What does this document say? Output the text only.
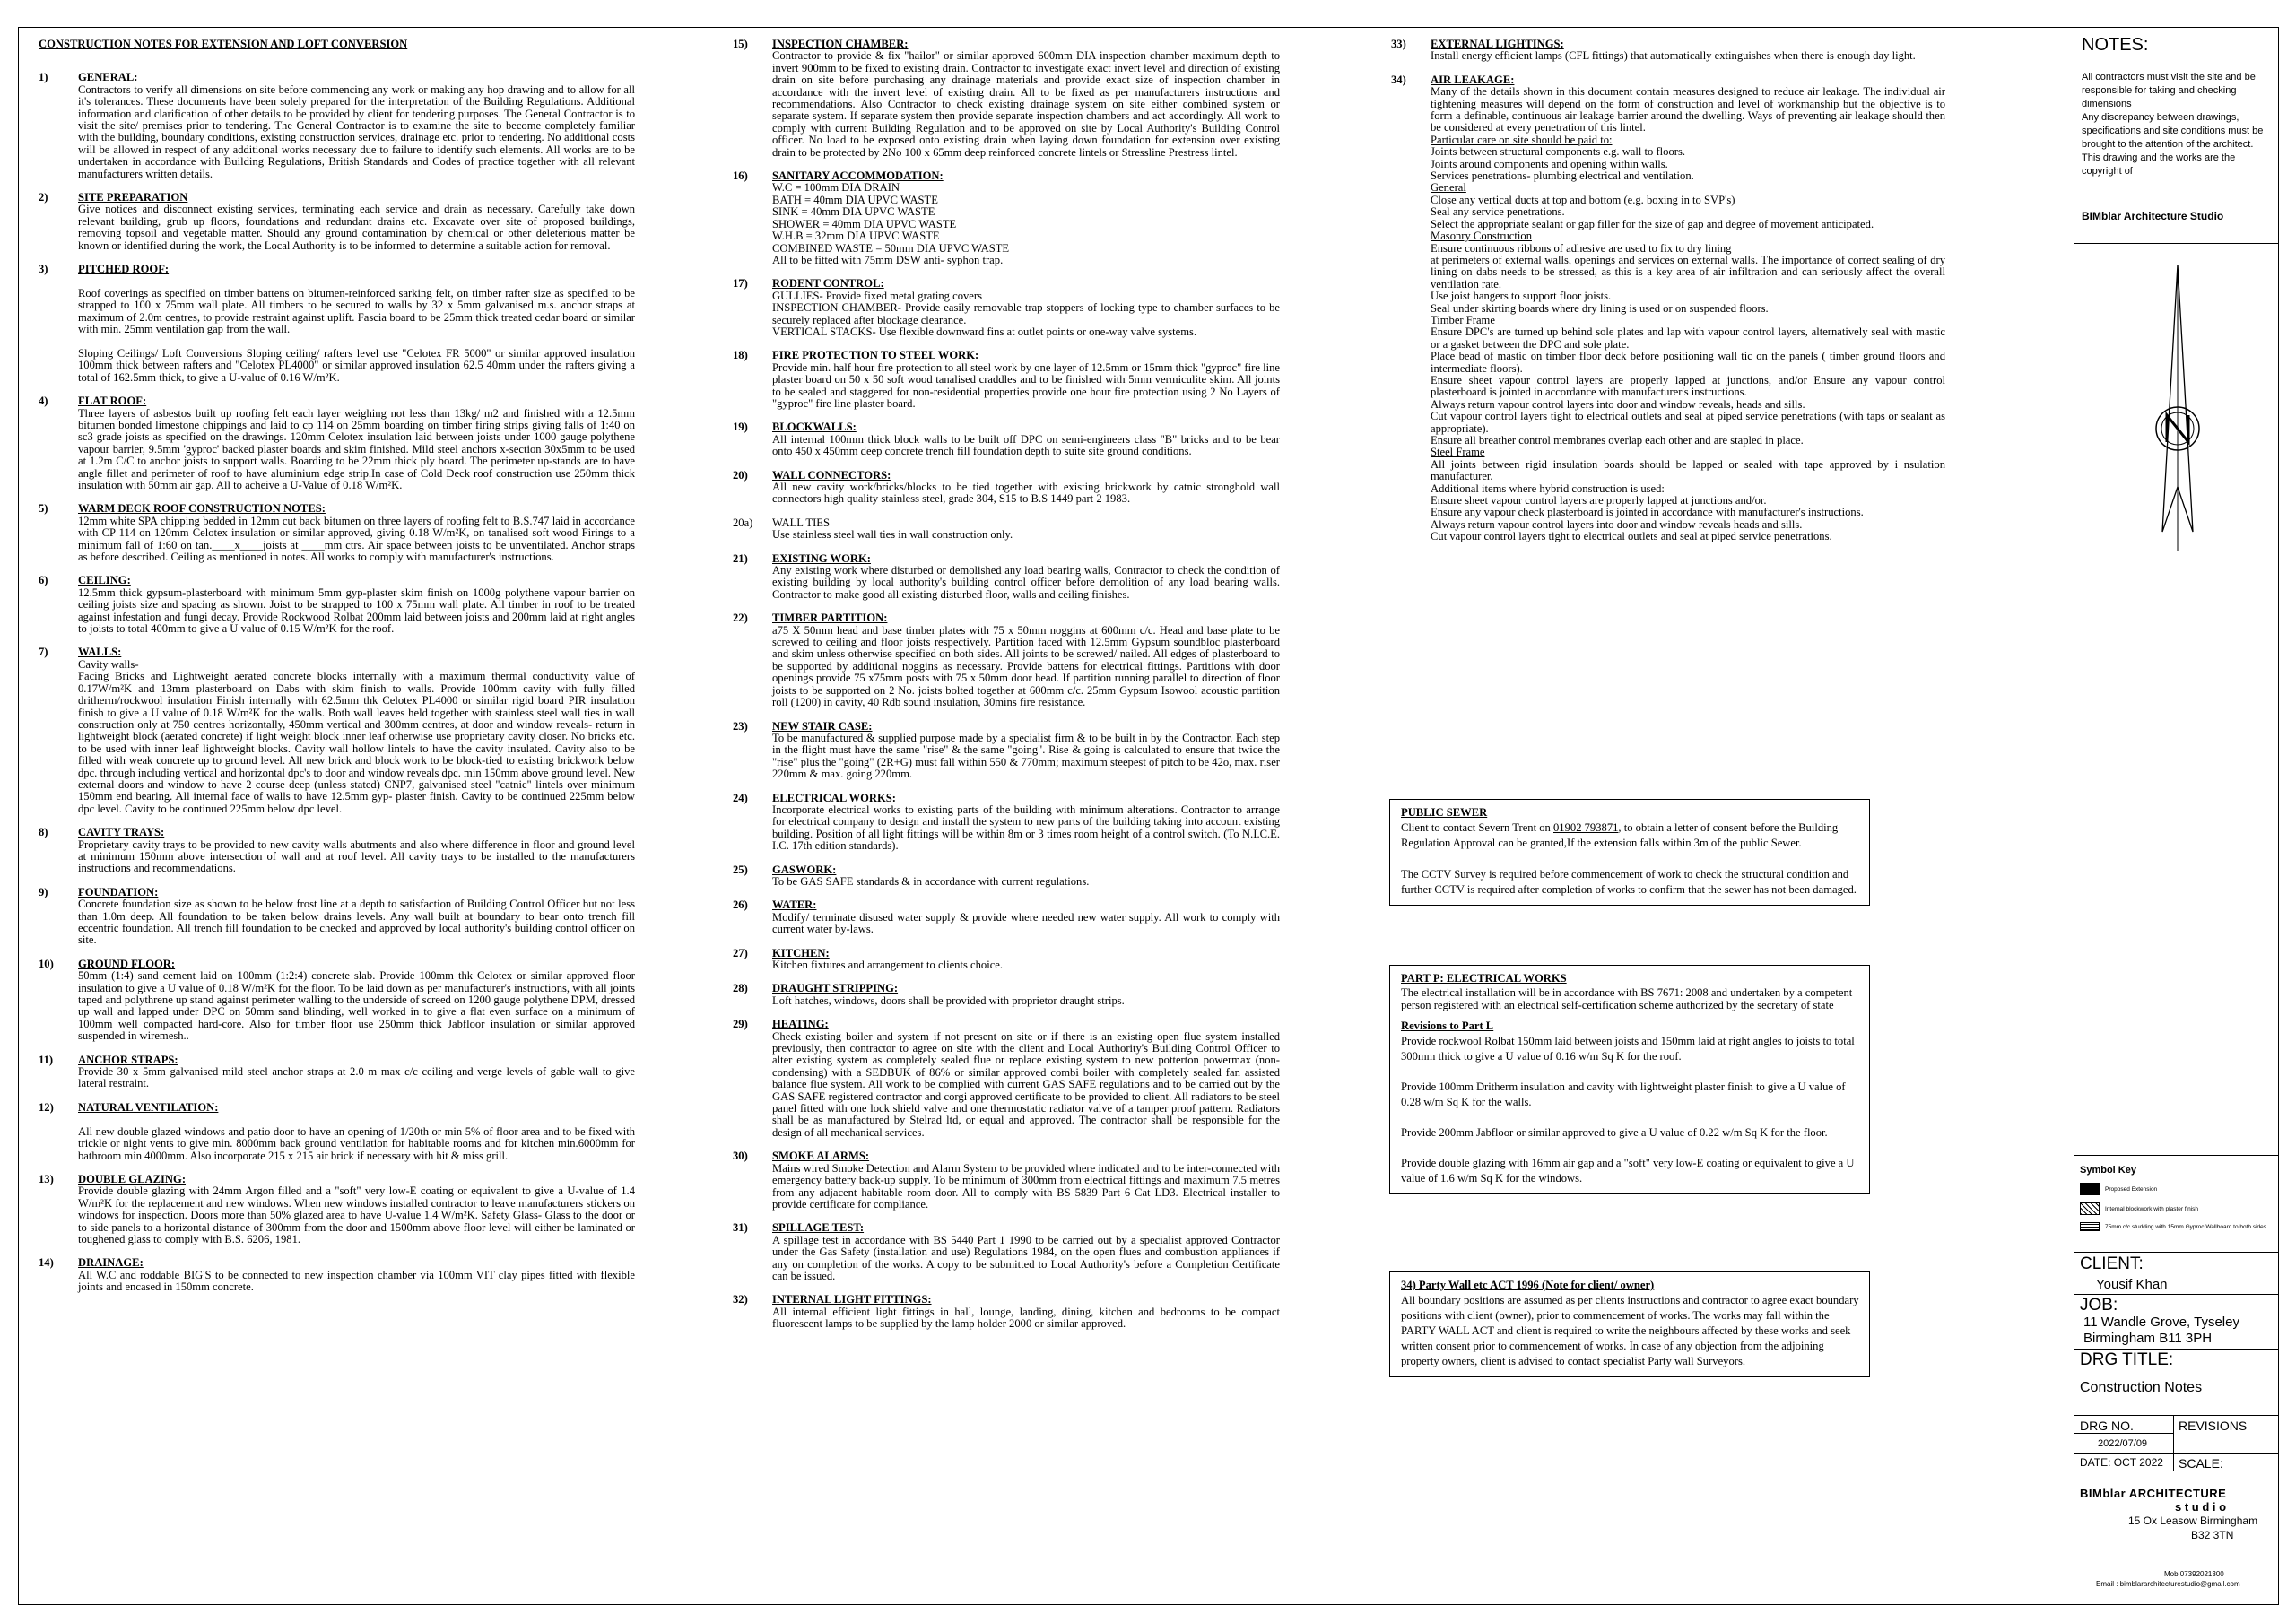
CONSTRUCTION NOTES FOR EXTENSION AND LOFT CONVERSION
1)	GENERAL:
Contractors to verify all dimensions on site before commencing any work or making any hop drawing and to allow for all it's tolerances. These documents have been solely prepared for the interpretation of the Building Regulations. Additional information and clarification of other details to be provided by client for tendering purposes. The General Contractor is to visit the site/ premises prior to tendering. The General Contractor is to examine the site to become completely familiar with the building, boundary conditions, existing construction services, drainage etc. prior to tendering. No additional costs will be allowed in respect of any additional works necessary due to failure to identify such elements. All works are to be undertaken in accordance with Building Regulations, British Standards and Codes of practice together with all relevant manufacturers written details.
2)	SITE PREPARATION
Give notices and disconnect existing services, terminating each service and drain as necessary. Carefully take down relevant building, grub up floors, foundations and redundant drains etc. Excavate over site of proposed buildings, removing topsoil and vegetable matter. Should any ground contamination by chemical or other deleterious matter be known or identified during the work, the Local Authority is to be informed to determine a suitable action for removal.
3)	PITCHED ROOF:

Roof coverings as specified on timber battens on bitumen-reinforced sarking felt, on timber rafter size as specified to be strapped to 100 x 75mm wall plate. All timbers to be secured to walls by 32 x 5mm galvanised m.s. anchor straps at maximum of 2.0m centres, to provide restraint against uplift. Fascia board to be 25mm thick treated cedar board or similar with min. 25mm ventilation gap from the wall.

Sloping Ceilings/ Loft Conversions Sloping ceiling/ rafters level use "Celotex FR 5000" or similar approved insulation 100mm thick between rafters and "Celotex PL4000" or similar approved insulation 62.5 40mm under the rafters giving a total of 162.5mm thick, to give a U-value of 0.16 W/m²K.
4)	FLAT ROOF:
Three layers of asbestos built up roofing felt each layer weighing not less than 13kg/ m2 and finished with a 12.5mm bitumen bonded limestone chippings and laid to cp 114 on 25mm boarding on timber firing strips giving falls of 1:40 on sc3 grade joists as specified on the drawings. 120mm Celotex insulation laid between joists under 1000 gauge polythene vapour barrier, 9.5mm 'gyproc' backed plaster boards and skim finished. Mild steel anchors x-section 30x5mm to be used at 1.2m C/C to anchor joists to support walls. Boarding to be 22mm thick ply board. The perimeter up-stands are to have angle fillet and perimeter of roof to have aluminium edge strip.In case of Cold Deck roof construction use 250mm thick insulation with 50mm air gap. All to acheive a U-Value of 0.18 W/m²K.
5)	WARM DECK ROOF CONSTRUCTION NOTES:
12mm white SPA chipping bedded in 12mm cut back bitumen on three layers of roofing felt to B.S.747 laid in accordance with CP 114 on 120mm Celotex insulation or similar approved, giving 0.18 W/m²K, on tanalised soft wood Firings to a minimum fall of 1:60 on tan.____x____joists at ____mm ctrs. Air space between joists to be unventilated. Anchor straps as before described. Ceiling as mentioned in notes. All works to comply with manufacturer's instructions.
6)	CEILING:
12.5mm thick gypsum-plasterboard with minimum 5mm gyp-plaster skim finish on 1000g polythene vapour barrier on ceiling joists size and spacing as shown. Joist to be strapped to 100 x 75mm wall plate. All timber in roof to be treated against infestation and fungi decay. Provide Rockwood Rolbat 200mm laid between joists and 200mm laid at right angles to joists to total 400mm to give a U value of 0.15 W/m²K for the roof.
7)	WALLS:
Cavity walls-
Facing Bricks and Lightweight aerated concrete blocks internally with a maximum thermal conductivity value of 0.17W/m²K and 13mm plasterboard on Dabs with skim finish to walls. Provide 100mm cavity with fully filled dritherm/rockwool insulation Finish internally with 62.5mm thk Celotex PL4000 or similar rigid board PIR insulation finish to give a U value of 0.18 W/m²K for the walls. Both wall leaves held together with stainless steel wall ties in wall construction only at 750 centres horizontally, 450mm vertical and 300mm centres, at door and window reveals- return in lightweight block (aerated concrete) if light weight block inner leaf otherwise use proprietary cavity closer. No bricks etc. to be used with inner leaf lightweight blocks. Cavity wall hollow lintels to have the cavity insulated. Cavity also to be filled with weak concrete up to ground level. All new brick and block work to be block-tied to existing brickwork below dpc. through including vertical and horizontal dpc's to door and window reveals dpc. min 150mm above ground level. New external doors and window to have 2 course deep (unless stated) CNP7, galvanised steel "catnic" lintels over minimum 150mm end bearing. All internal face of walls to have 12.5mm gyp- plaster finish. Cavity to be continued 225mm below dpc level. Cavity to be continued 225mm below dpc level.
8)	CAVITY TRAYS:
Proprietary cavity trays to be provided to new cavity walls abutments and also where difference in floor and ground level at minimum 150mm above intersection of wall and at roof level. All cavity trays to be installed to the manufacturers instructions and recommendations.
9)	FOUNDATION:
Concrete foundation size as shown to be below frost line at a depth to satisfaction of Building Control Officer but not less than 1.0m deep. All foundation to be taken below drains levels. Any wall built at boundary to bear onto trench fill eccentric foundation. All trench fill foundation to be checked and approved by local authority's building control officer on site.
10) GROUND FLOOR:
50mm (1:4) sand cement laid on 100mm (1:2:4) concrete slab. Provide 100mm thk Celotex or similar approved floor insulation to give a U value of 0.18 W/m²K for the floor. To be laid down as per manufacturer's instructions, with all joints taped and polythrene up stand against perimeter walling to the underside of screed on 1200 gauge polythene DPM, dressed up wall and lapped under DPC on 50mm sand blinding, well worked in to give a flat even surface on a minimum of 100mm well compacted hard-core. Also for timber floor use 250mm thick Jabfloor insulation or similar approved suspended in wiremesh..
11) ANCHOR STRAPS:
Provide 30 x 5mm galvanised mild steel anchor straps at 2.0 m max c/c ceiling and verge levels of gable wall to give lateral restraint.
12) NATURAL VENTILATION:

All new double glazed windows and patio door to have an opening of 1/20th or min 5% of floor area and to be fixed with trickle or night vents to give min. 8000mm back ground ventilation for habitable rooms and for kitchen min.6000mm for bathroom min 4000mm. Also incorporate 215 x 215 air brick if necessary with hit & miss grill.
13) DOUBLE GLAZING:
Provide double glazing with 24mm Argon filled and a "soft" very low-E coating or equivalent to give a U-value of 1.4 W/m²K for the replacement and new windows. When new windows installed contractor to leave manufacturers stickers on windows for inspection. Doors more than 50% glazed area to have U-value 1.4 W/m²K. Safety Glass- Glass to the door or to side panels to a horizontal distance of 300mm from the door and 1500mm above floor level will either be laminated or toughened glass to comply with B.S. 6206, 1981.
14) DRAINAGE:
All W.C and roddable BIG'S to be connected to new inspection chamber via 100mm VIT clay pipes fitted with flexible joints and encased in 150mm concrete.
15) INSPECTION CHAMBER:
Contractor to provide & fix "hailor" or similar approved 600mm DIA inspection chamber maximum depth to invert 900mm to be fixed to existing drain. Contractor to investigate exact invert level and direction of existing drain on site before purchasing any drainage materials and provide exact size of inspection chamber in accordance with the invert level of existing drain. All to be fixed as per manufacturers instructions and recommendations. Also Contractor to check existing drainage system on site either combined system or separate system. If separate system then provide separate inspection chambers and act accordingly. All work to comply with current Building Regulation and to be approved on site by Local Authority's Building Control officer. No load to be exposed onto existing drain when laying down foundation for extension over existing drain to be protected by 2No 100 x 65mm deep reinforced concrete lintels or Stressline Prestress lintel.
16) SANITARY ACCOMMODATION:
W.C = 100mm DIA DRAIN
BATH = 40mm DIA UPVC WASTE
SINK = 40mm DIA UPVC WASTE
SHOWER = 40mm DIA UPVC WASTE
W.H.B = 32mm DIA UPVC WASTE
COMBINED WASTE = 50mm DIA UPVC WASTE
All to be fitted with 75mm DSW anti- syphon trap.
17) RODENT CONTROL:
GULLIES- Provide fixed metal grating covers
INSPECTION CHAMBER- Provide easily removable trap stoppers of locking type to chamber surfaces to be securely replaced after blockage clearance.
VERTICAL STACKS- Use flexible downward fins at outlet points or one-way valve systems.
18) FIRE PROTECTION TO STEEL WORK:
Provide min. half hour fire protection to all steel work by one layer of 12.5mm or 15mm thick "gyproc" fire line plaster board on 50 x 50 soft wood tanalised craddles and to be finished with 5mm vermiculite skim. All joints to be sealed and staggered for non-residential properties provide one hour fire protection using 2 No Layers of "gyproc" fire line plaster board.
19) BLOCKWALLS:
All internal 100mm thick block walls to be built off DPC on semi-engineers class "B" bricks and to be bear onto 450 x 450mm deep concrete trench fill foundation depth to suite site ground conditions.
20) WALL CONNECTORS:
All new cavity work/bricks/blocks to be tied together with existing brickwork by catnic stronghold wall connectors high quality stainless steel, grade 304, S15 to B.S 1449 part 2 1983.
20a) WALL TIES
Use stainless steel wall ties in wall construction only.
21) EXISTING WORK:
Any existing work where disturbed or demolished any load bearing walls, Contractor to check the condition of existing building by local authority's building control officer before demolition of any load bearing walls. Contractor to make good all existing disturbed floor, walls and ceiling finishes.
22) TIMBER PARTITION:
a75 X 50mm head and base timber plates with 75 x 50mm noggins at 600mm c/c. Head and base plate to be screwed to ceiling and floor joists respectively. Partition faced with 12.5mm Gypsum soundbloc plasterboard and skim unless otherwise specified on both sides. All joints to be screwed/ nailed. All edges of plasterboard to be supported by additional noggins as necessary. Provide battens for electrical fittings. Partitions with door openings provide 75 x75mm posts with 75 x 50mm door head. If partition running parallel to direction of floor joists to be supported on 2 No. joists bolted together at 600mm c/c. 25mm Gypsum Isowool acoustic partition roll (1200) in cavity, 40 Rdb sound insulation, 30mins fire resistance.
23) NEW STAIR CASE:
To be manufactured & supplied purpose made by a specialist firm & to be built in by the Contractor. Each step in the flight must have the same "rise" & the same "going". Rise & going is calculated to ensure that twice the "rise" plus the "going" (2R+G) must fall within 550 & 770mm; maximum steepest of pitch to be 42o, max. riser 220mm & max. going 220mm.
24) ELECTRICAL WORKS:
Incorporate electrical works to existing parts of the building with minimum alterations. Contractor to arrange for electrical company to design and install the system to new parts of the building taking into account existing building. Position of all light fittings will be within 8m or 3 times room height of a control switch. (To N.I.C.E. I.C. 17th edition standards).
25) GASWORK:
To be GAS SAFE standards & in accordance with current regulations.
26) WATER:
Modify/ terminate disused water supply & provide where needed new water supply. All work to comply with current water by-laws.
27) KITCHEN:
Kitchen fixtures and arrangement to clients choice.
28) DRAUGHT STRIPPING:
Loft hatches, windows, doors shall be provided with proprietor draught strips.
29) HEATING:
Check existing boiler and system if not present on site or if there is an existing open flue system installed previously, then contractor to agree on site with the client and Local Authority's Building Control Officer to alter existing system as completely sealed flue or replace existing system to new potterton powermax (non- condensing) with a SEDBUK of 86% or similar approved combi boiler with completely sealed fan assisted balance flue system. All work to be complied with current GAS SAFE regulations and to be carried out by the GAS SAFE registered contractor and corgi approved certificate to be provided to client. All radiators to be steel panel fitted with one lock shield valve and one thermostatic radiator valve of a tamper proof pattern. Radiators shall be as manufactured by Stelrad ltd, or equal and approved. The contractor shall be responsible for the design of all mechanical services.
30) SMOKE ALARMS:
Mains wired Smoke Detection and Alarm System to be provided where indicated and to be inter-connected with emergency battery back-up supply. To be minimum of 300mm from electrical fittings and maximum 7.5 metres from any adjacent habitable room door. All to comply with BS 5839 Part 6 Cat LD3. Electrical installer to provide certificate for compliance.
31) SPILLAGE TEST:
A spillage test in accordance with BS 5440 Part 1 1990 to be carried out by a specialist approved Contractor under the Gas Safety (installation and use) Regulations 1984, on the open flues and combustion appliances if any on completion of the works. A copy to be submitted to Local Authority's before a Completion Certificate can be issued.
32) INTERNAL LIGHT FITTINGS:
All internal efficient light fittings in hall, lounge, landing, dining, kitchen and bedrooms to be compact fluorescent lamps to be supplied by the lamp holder 2000 or similar approved.
33) EXTERNAL LIGHTINGS:
Install energy efficient lamps (CFL fittings) that automatically extinguishes when there is enough day light.
34) AIR LEAKAGE:
Many of the details shown in this document contain measures designed to reduce air leakage. The individual air tightening measures will depend on the form of construction and level of workmanship but the objective is to form a definable, continuous air leakage barrier around the dwelling. Ways of preventing air leakage should then be considered at every penetration of this lintel.
Particular care on site should be paid to:
Joints between structural components e.g. wall to floors.
Joints around components and opening within walls.
Services penetrations- plumbing electrical and ventilation.
General
Close any vertical ducts at top and bottom (e.g. boxing in to SVP's)
Seal any service penetrations.
Select the appropriate sealant or gap filler for the size of gap and degree of movement anticipated.
Masonry Construction
Ensure continuous ribbons of adhesive are used to fix to dry lining
at perimeters of external walls, openings and services on external walls. The importance of correct sealing of dry lining on dabs needs to be stressed, as this is a key area of air infiltration and can seriously affect the overall ventilation rate.
Use joist hangers to support floor joists.
Seal under skirting boards where dry lining is used or on suspended floors.
Timber Frame
Ensure DPC's are turned up behind sole plates and lap with vapour control layers, alternatively seal with mastic or a gasket between the DPC and sole plate.
Place bead of mastic on timber floor deck before positioning wall tic on the panels ( timber ground floors and intermediate floors).
Ensure sheet vapour control layers are properly lapped at junctions, and/or Ensure any vapour control plasterboard is jointed in accordance with manufacturer's instructions.
Always return vapour control layers into door and window reveals, heads and sills.
Cut vapour control layers tight to electrical outlets and seal at piped service penetrations (with taps or sealant as appropriate).
Ensure all breather control membranes overlap each other and are stapled in place.
Steel Frame
All joints between rigid insulation boards should be lapped or sealed with tape approved by i nsulation manufacturer.
Additional items where hybrid construction is used:
Ensure sheet vapour control layers are properly lapped at junctions and/or.
Ensure any vapour check plasterboard is jointed in accordance with manufacturer's instructions.
Always return vapour control layers into door and window reveals heads and sills.
Cut vapour control layers tight to electrical outlets and seal at piped service penetrations.
PUBLIC SEWER
Client to contact Severn Trent on 01902 793871, to obtain a letter of consent before the Building Regulation Approval can be granted,If the extension falls within 3m of the public Sewer.
The CCTV Survey is required before commencement of work to check the structural condition and further CCTV is required after completion of works to confirm that the sewer has not been damaged.
PART P: ELECTRICAL WORKS
The electrical installation will be in accordance with BS 7671: 2008 and undertaken by a competent person registered with an electrical self-certification scheme authorized by the secretary of state
Revisions to Part L
Provide rockwool Rolbat 150mm laid between joists and 150mm laid at right angles to joists to total 300mm thick to give a U value of 0.16 w/m Sq K for the roof.

Provide 100mm Dritherm insulation and cavity with lightweight plaster finish to give a U value of 0.28 w/m Sq K for the walls.

Provide 200mm Jabfloor or similar approved to give a U value of 0.22 w/m Sq K for the floor.

Provide double glazing with 16mm air gap and a "soft" very low-E coating or equivalent to give a U value of 1.6 w/m Sq K for the windows.
34) Party Wall etc ACT 1996 (Note for client/ owner)
All boundary positions are assumed as per clients instructions and contractor to agree exact boundary positions with client (owner), prior to commencement of works. The works may fall within the PARTY WALL ACT and client is required to write the neighbours affected by these works and seek written consent prior to commencement of works. In case of any objection from the adjoining property owners, client is advised to contact specialist Party wall Surveyors.
NOTES:
All contractors must visit the site and be responsible for taking and checking dimensions
Any discrepancy between drawings, specifications and site conditions must be brought to the attention of the architect.
This drawing and the works are the copyright of
BIMblar Architecture Studio
Symbol Key
Proposed Extension
Internal blockwork with plaster finish
75mm c/c studding with 15mm Gyproc Wallboard to both sides
CLIENT:
Yousif Khan
JOB:
11 Wandle Grove, Tyseley
Birmingham B11 3PH
DRG TITLE:
Construction Notes
DRG NO.	REVISIONS
2022/07/09
DATE: OCT 2022 SCALE:
BIMblar ARCHITECTURE
s t u d i o
15 Ox Leasow Birmingham
B32 3TN
Mob 07392021300
Email : bimblararchitecturestudio@gmail.com
